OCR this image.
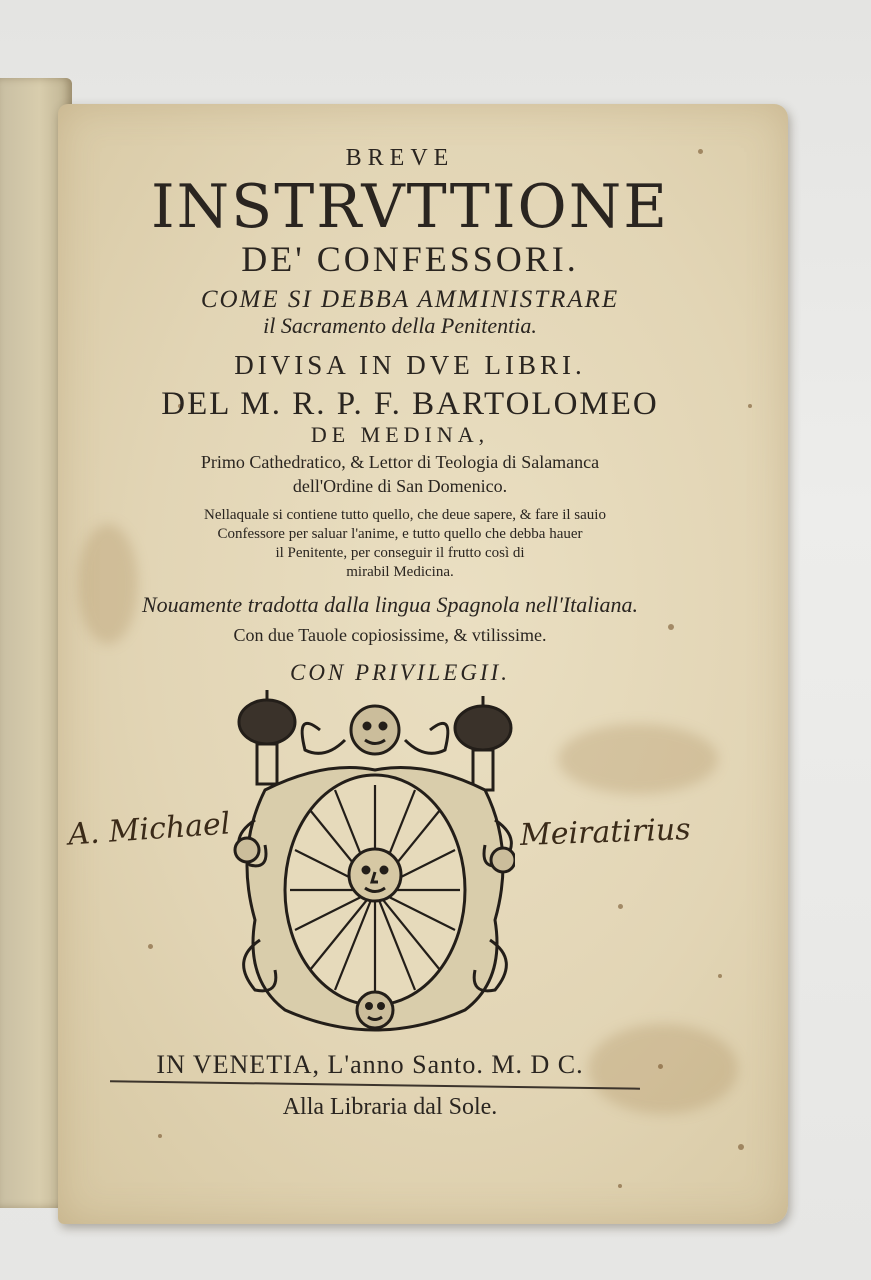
BREVE
INSTRVTTIONE
DE' CONFESSORI.
COME SI DEBBA AMMINISTRARE
il Sacramento della Penitentia.
DIVISA IN DVE LIBRI.
DEL M. R. P. F. BARTOLOMEO
DE MEDINA,
Primo Cathedratico, & Lettor di Teologia di Salamanca
dell'Ordine di San Domenico.
Nellaquale si contiene tutto quello, che deue sapere, & fare il sauio
Confessore per saluar l'anime, e tutto quello che debba hauer
il Penitente, per conseguir il frutto così di
mirabil Medicina.
Nouamente tradotta dalla lingua Spagnola nell'Italiana.
Con due Tauole copiosissime, & vtilissime.
CON PRIVILEGII.
A. Michael	Meiratirius
IN VENETIA, L'anno Santo. M. D C.
Alla Libraria dal Sole.
